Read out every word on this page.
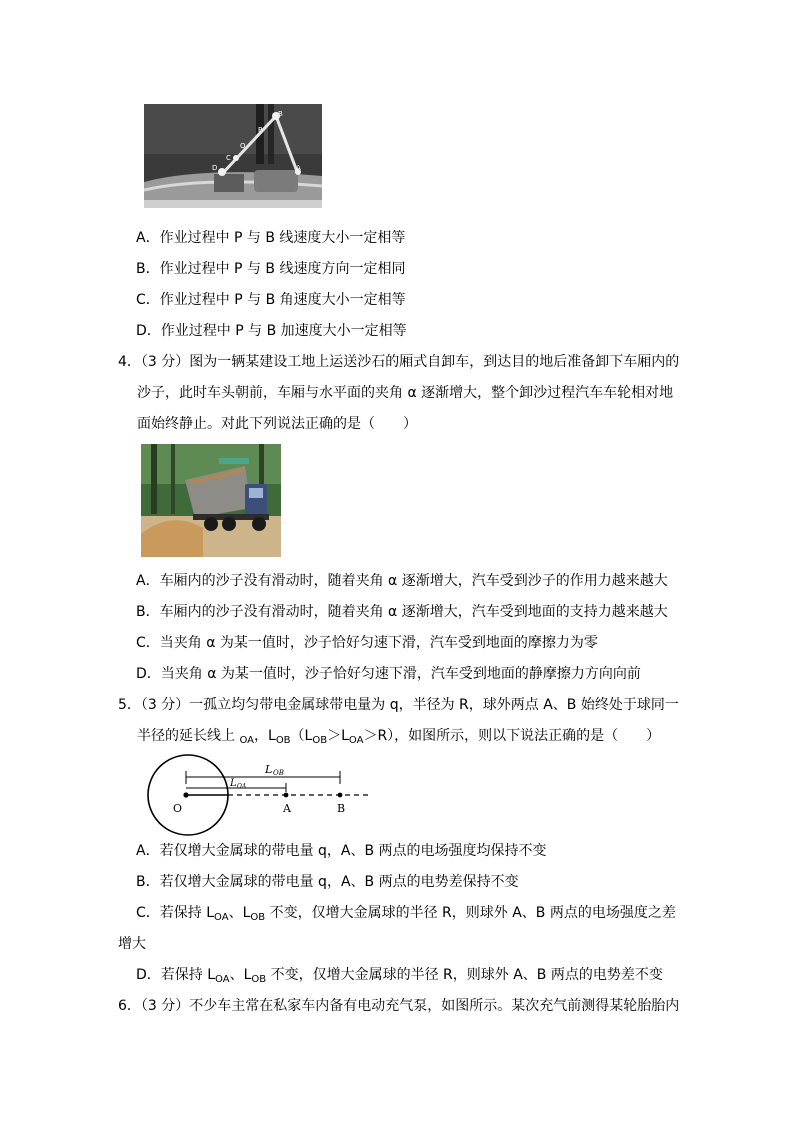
D
C
O
P
B
A
A．作业过程中 P 与 B 线速度大小一定相等
B．作业过程中 P 与 B 线速度方向一定相同
C．作业过程中 P 与 B 角速度大小一定相等
D．作业过程中 P 与 B 加速度大小一定相等
4．（3 分）图为一辆某建设工地上运送沙石的厢式自卸车，到达目的地后准备卸下车厢内的
沙子，此时车头朝前，车厢与水平面的夹角 α 逐渐增大，整个卸沙过程汽车车轮相对地
面始终静止。对此下列说法正确的是（　　）
A．车厢内的沙子没有滑动时，随着夹角 α 逐渐增大，汽车受到沙子的作用力越来越大
B．车厢内的沙子没有滑动时，随着夹角 α 逐渐增大，汽车受到地面的支持力越来越大
C．当夹角 α 为某一值时，沙子恰好匀速下滑，汽车受到地面的摩擦力为零
D．当夹角 α 为某一值时，沙子恰好匀速下滑，汽车受到地面的静摩擦力方向向前
5．（3 分）一孤立均匀带电金属球带电量为 q，半径为 R，球外两点 A、B 始终处于球同一
半径的延长线上 $_{OA}$，$L_{OB}(L_{OB}>L_{OA}>R)$，如图所示，则以下说法正确的是（　　）
L OB
L OA
O	A	B
A．若仅增大金属球的带电量 q，A、B 两点的电场强度均保持不变
B．若仅增大金属球的带电量 q，A、B 两点的电势差保持不变
C．若保持 $L_{OA}$、$L_{OB}$ 不变，仅增大金属球的半径 R，则球外 A、B 两点的电场强度之差
增大
D．若保持 $L_{OA}$、$L_{OB}$ 不变，仅增大金属球的半径 R，则球外 A、B 两点的电势差不变
6．（3 分）不少车主常在私家车内备有电动充气泵，如图所示。某次充气前测得某轮胎胎内
